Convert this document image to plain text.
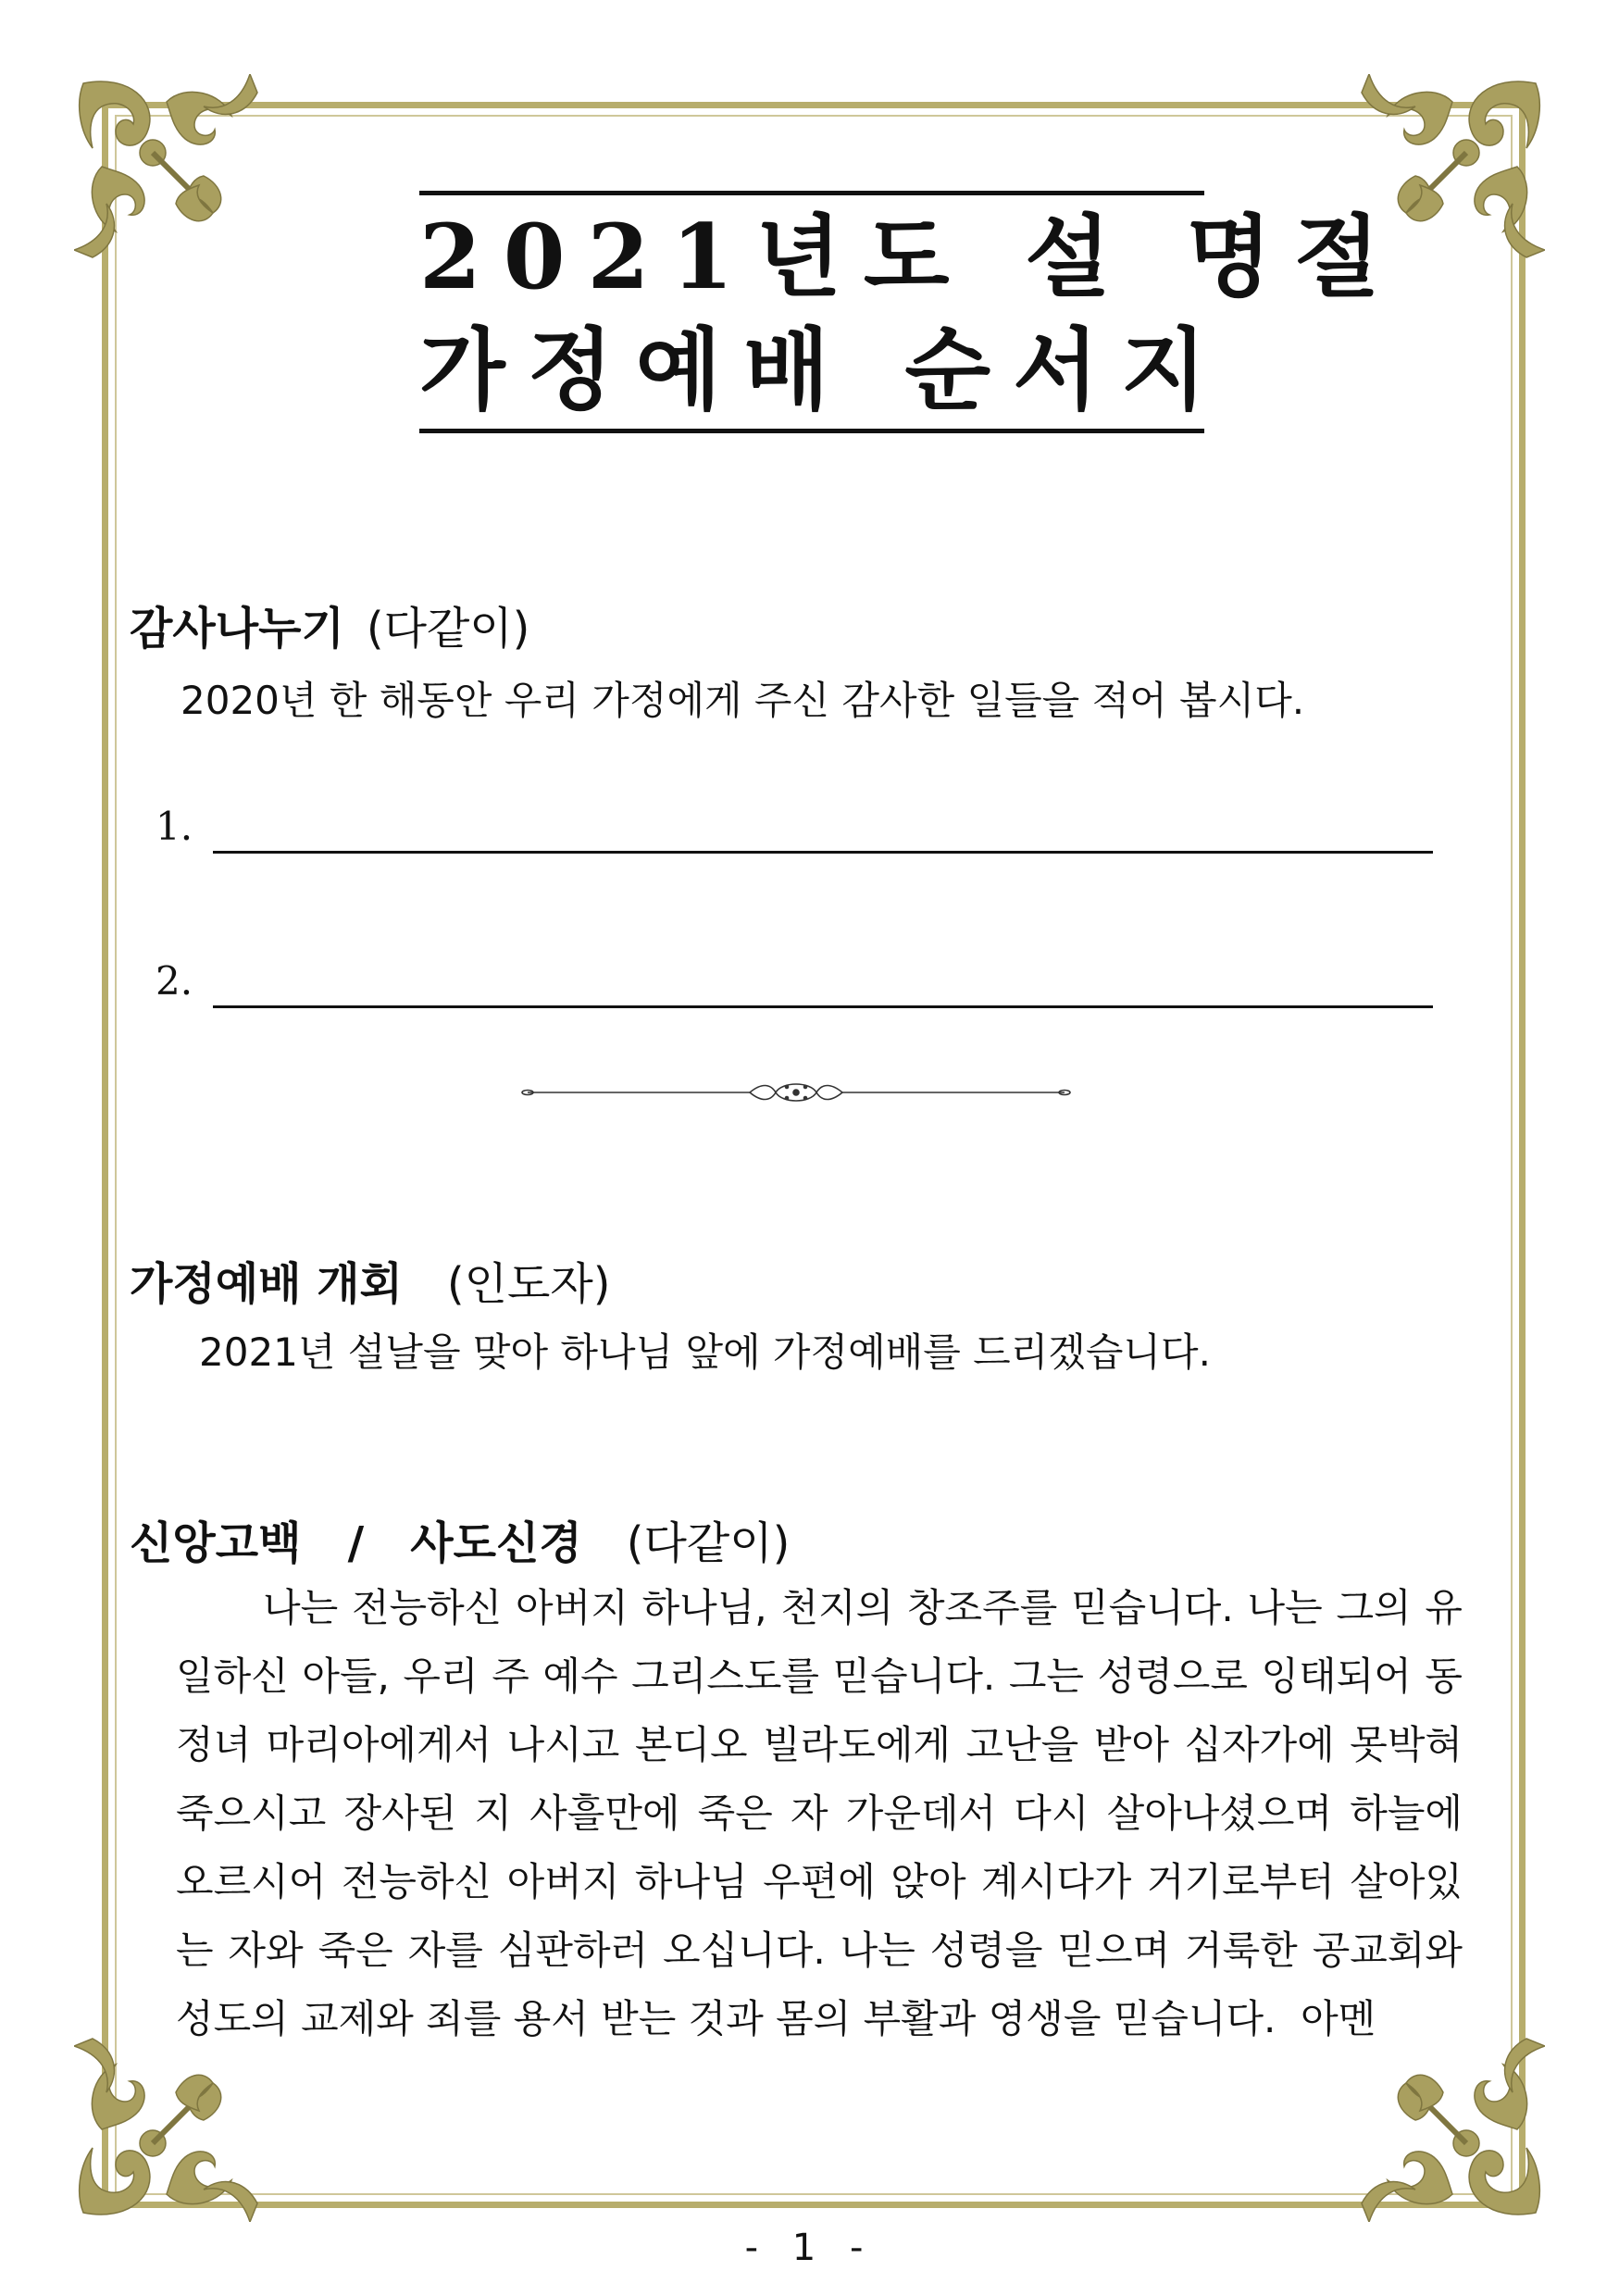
2021년도 설 명절
가정예배 순서지
감사나누기 (다같이)
2020년 한 해동안 우리 가정에게 주신 감사한 일들을 적어 봅시다.
1.
2.
가정예배 개회 (인도자)
2021년 설날을 맞아 하나님 앞에 가정예배를 드리겠습니다.
신앙고백   /   사도신경 (다같이)
나는 전능하신 아버지 하나님, 천지의 창조주를 믿습니다. 나는 그의 유
일하신 아들, 우리 주 예수 그리스도를 믿습니다. 그는 성령으로 잉태되어 동
정녀 마리아에게서 나시고 본디오 빌라도에게 고난을 받아 십자가에 못박혀
죽으시고 장사된 지 사흘만에 죽은 자 가운데서 다시 살아나셨으며 하늘에
오르시어 전능하신 아버지 하나님 우편에 앉아 계시다가 거기로부터 살아있
는 자와 죽은 자를 심판하러 오십니다. 나는 성령을 믿으며 거룩한 공교회와
성도의 교제와 죄를 용서 받는 것과 몸의 부활과 영생을 믿습니다.  아멘
- 1 -
